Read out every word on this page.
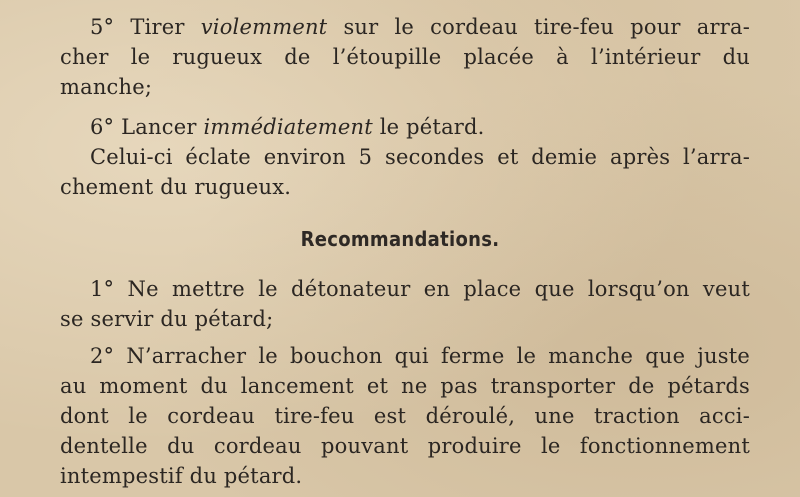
5° Tirer violemment sur le cordeau tire-feu pour arra-
cher le rugueux de l’étoupille placée à l’intérieur du
manche;

6° Lancer immédiatement le pétard.

Celui-ci éclate environ 5 secondes et demie après l’arra-
chement du rugueux.

Recommandations.

1° Ne mettre le détonateur en place que lorsqu’on veut
se servir du pétard;

2° N’arracher le bouchon qui ferme le manche que juste
au moment du lancement et ne pas transporter de pétards
dont le cordeau tire-feu est déroulé, une traction acci-
dentelle du cordeau pouvant produire le fonctionnement
intempestif du pétard.
